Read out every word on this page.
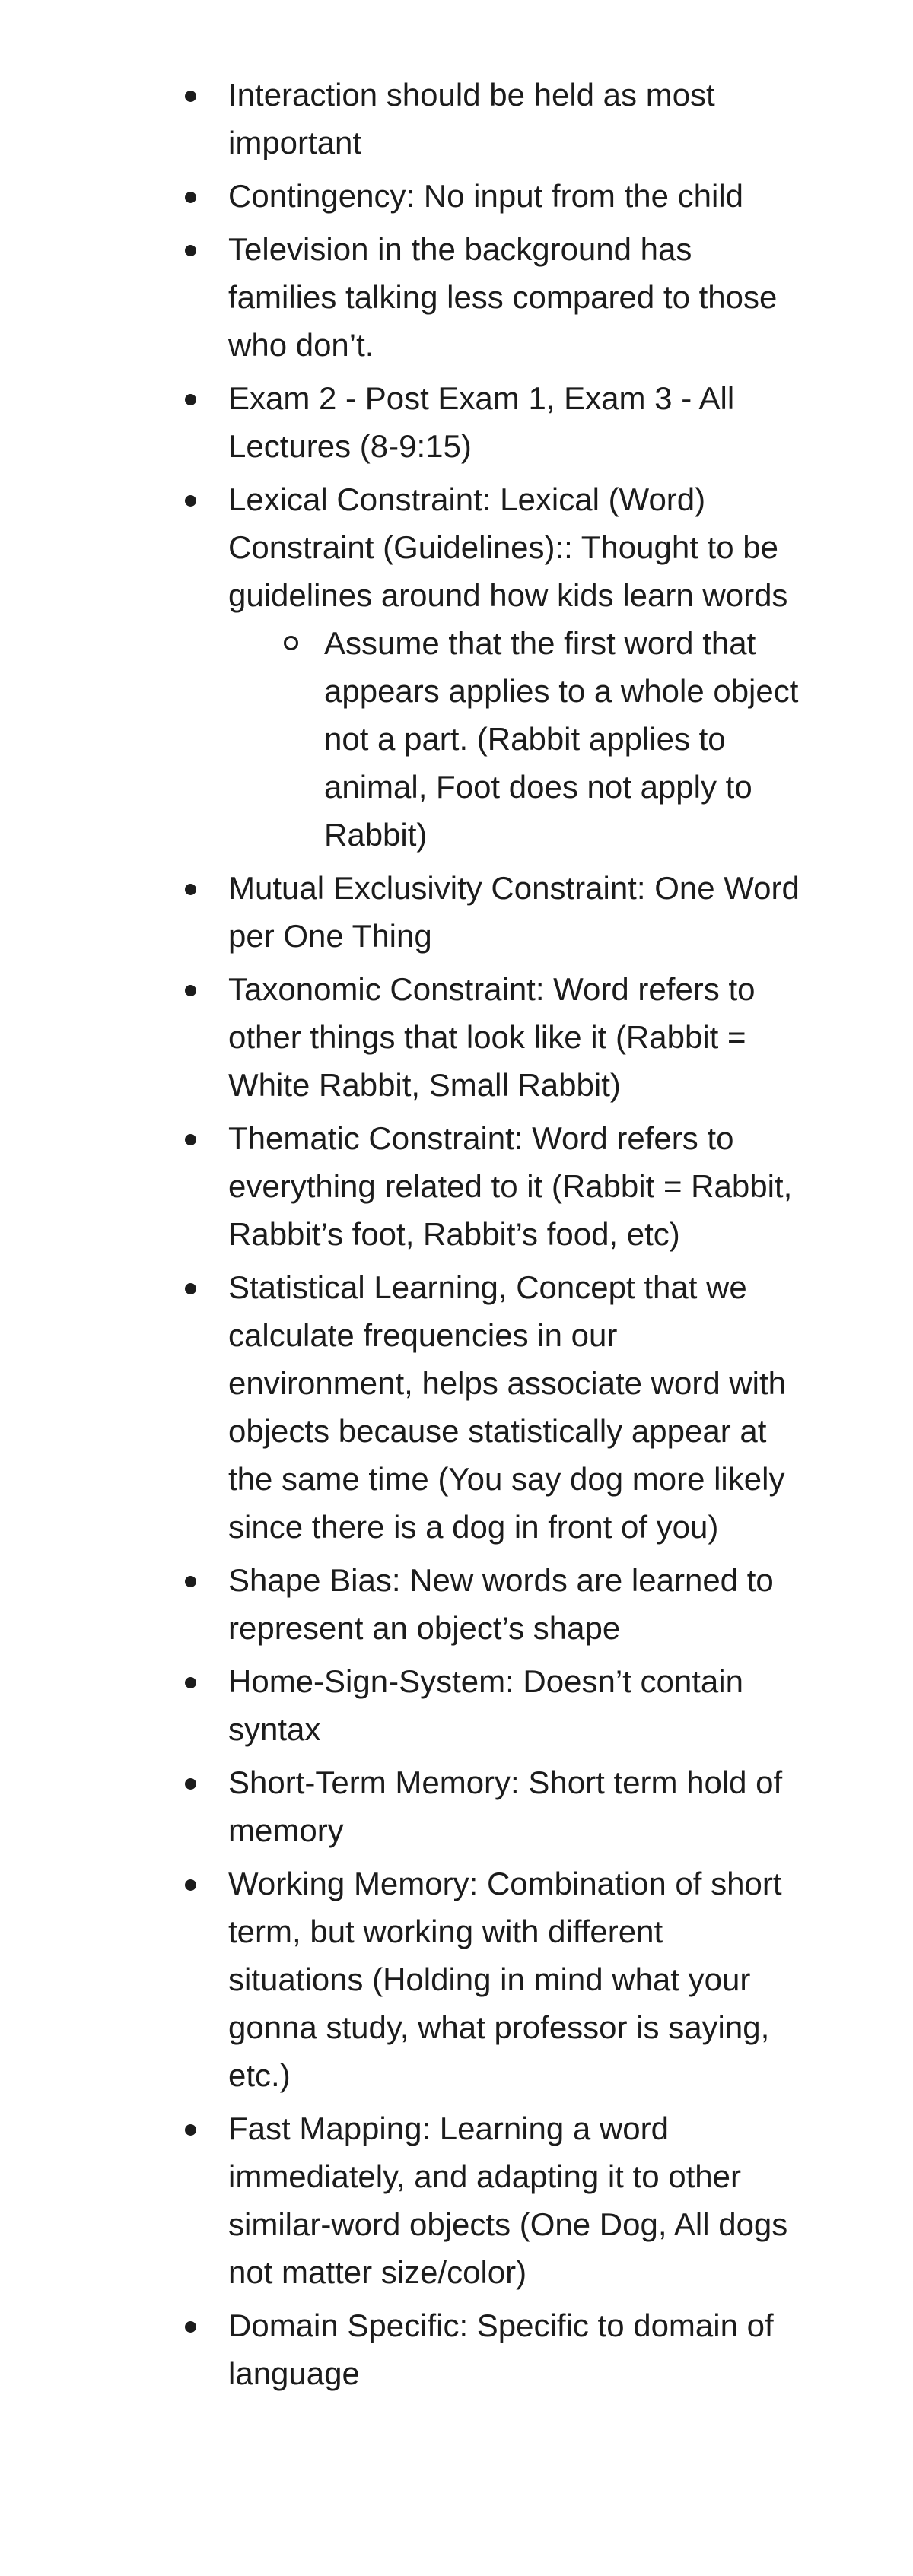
Interaction should be held as most important
Contingency: No input from the child
Television in the background has families talking less compared to those who don’t.
Exam 2 - Post Exam 1, Exam 3 - All Lectures (8-9:15)
Lexical Constraint: Lexical (Word) Constraint (Guidelines):: Thought to be guidelines around how kids learn words
Assume that the first word that appears applies to a whole object not a part. (Rabbit applies to animal, Foot does not apply to Rabbit)
Mutual Exclusivity Constraint: One Word per One Thing
Taxonomic Constraint: Word refers to other things that look like it (Rabbit = White Rabbit, Small Rabbit)
Thematic Constraint: Word refers to everything related to it (Rabbit = Rabbit, Rabbit’s foot, Rabbit’s food, etc)
Statistical Learning, Concept that we calculate frequencies in our environment, helps associate word with objects because statistically appear at the same time (You say dog more likely since there is a dog in front of you)
Shape Bias: New words are learned to represent an object’s shape
Home-Sign-System: Doesn’t contain syntax
Short-Term Memory: Short term hold of memory
Working Memory: Combination of short term, but working with different situations (Holding in mind what your gonna study, what professor is saying, etc.)
Fast Mapping: Learning a word immediately, and adapting it to other similar-word objects (One Dog, All dogs not matter size/color)
Domain Specific: Specific to domain of language
